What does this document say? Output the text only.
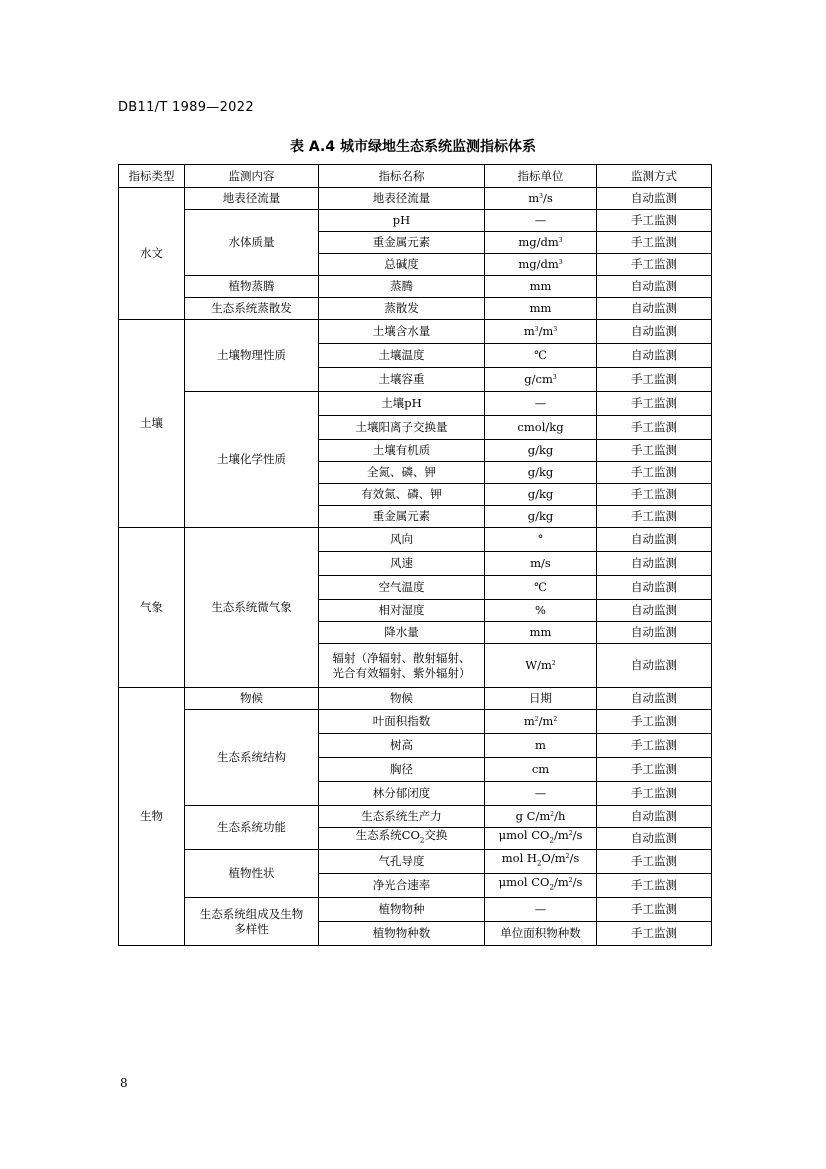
DB11/T 1989—2022
表 A.4 城市绿地生态系统监测指标体系
指标类型	监测内容	指标名称	指标单位	监测方式
水文	地表径流量	地表径流量	$m^3/s$	自动监测
	水体质量	pH	—	手工监测
		重金属元素	$mg/dm^3$	手工监测
		总碱度	$mg/dm^3$	手工监测
	植物蒸腾	蒸腾	mm	自动监测
	生态系统蒸散发	蒸散发	mm	自动监测
土壤	土壤物理性质	土壤含水量	$m^3/m^3$	自动监测
		土壤温度	℃	自动监测
		土壤容重	$g/cm^3$	手工监测
	土壤化学性质	土壤pH	—	手工监测
		土壤阳离子交换量	cmol/kg	手工监测
		土壤有机质	g/kg	手工监测
		全氮、磷、钾	g/kg	手工监测
		有效氮、磷、钾	g/kg	手工监测
		重金属元素	g/kg	手工监测
气象	生态系统微气象	风向	°	自动监测
		风速	m/s	自动监测
		空气温度	℃	自动监测
		相对湿度	%	自动监测
		降水量	mm	自动监测

		辐射（净辐射、散射辐射、
光合有效辐射、紫外辐射）	$W/m^2$	自动监测
生物	物候	物候	日期	自动监测
	生态系统结构	叶面积指数	$m^2/m^2$	手工监测
		树高	m	手工监测
		胸径	cm	手工监测
		林分郁闭度	—	手工监测
	生态系统功能	生态系统生产力	g $C/m^2/h$	自动监测
		生态系统$CO_2$交换	μmol $CO_2/m^2/s$	自动监测
	植物性状	气孔导度	mol $H_2O/m^2/s$	手工监测
		净光合速率	μmol $CO_2/m^2/s$	手工监测

	生态系统组成及生物
多样性	植物物种	—	手工监测
		植物物种数	单位面积物种数	手工监测
8
